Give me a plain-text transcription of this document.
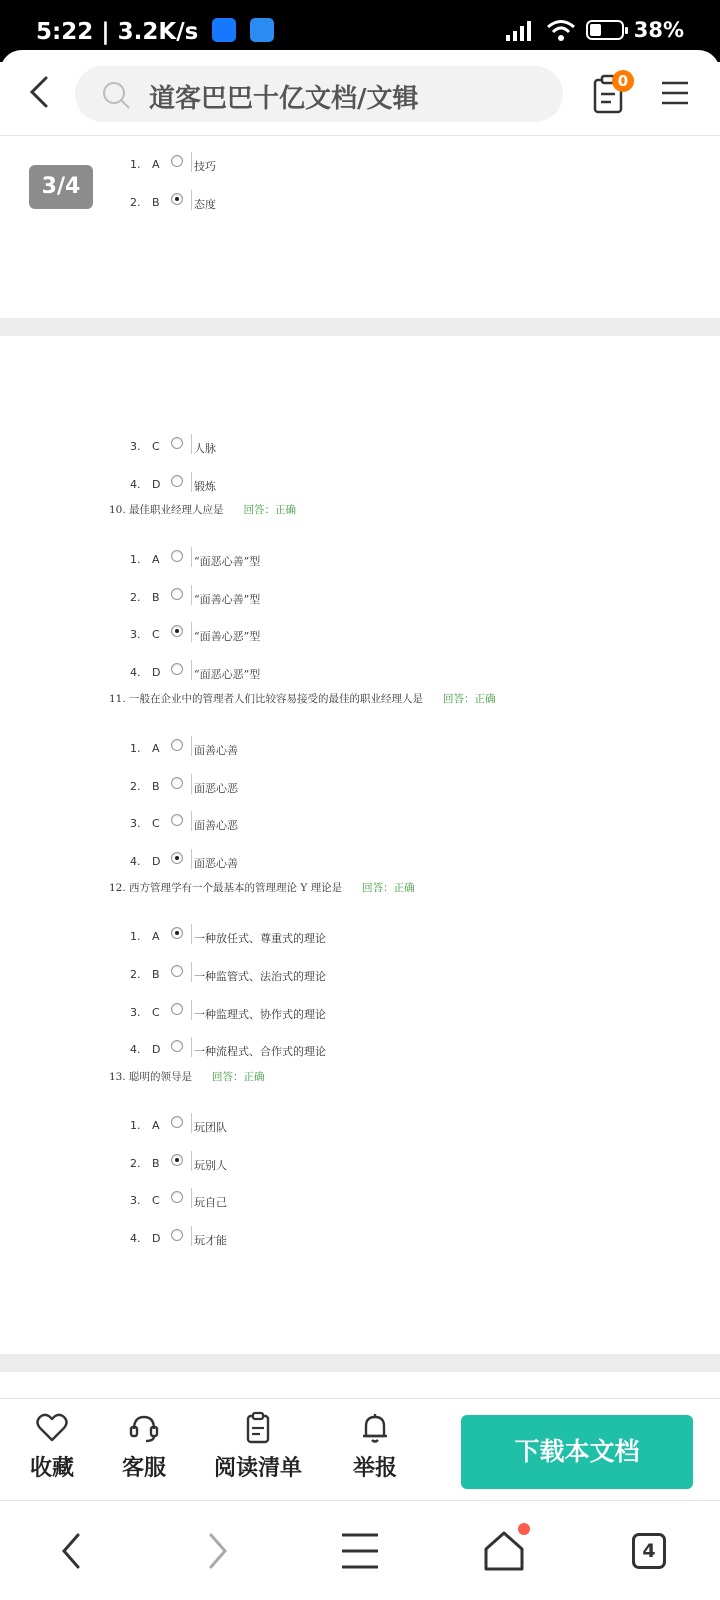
5:22 | 3.2K/s	38%
道客巴巴十亿文档/文辑
0
3/4
1. A	技巧
2. B	态度
3. C	人脉
4. D	锻炼
10. 最佳职业经理人应是 回答：正确
1. A	“面恶心善”型
2. B	“面善心善”型
3. C	“面善心恶”型
4. D	“面恶心恶”型
11. 一般在企业中的管理者人们比较容易接受的最佳的职业经理人是 回答：正确
1. A	面善心善
2. B	面恶心恶
3. C	面善心恶
4. D	面恶心善
12. 西方管理学有一个最基本的管理理论 Y 理论是 回答：正确
1. A	一种放任式、尊重式的理论
2. B	一种监管式、法治式的理论
3. C	一种监理式、协作式的理论
4. D	一种流程式、合作式的理论
13. 聪明的领导是 回答：正确
1. A	玩团队
2. B	玩别人
3. C	玩自己
4. D	玩才能
收藏	客服	阅读清单	举报
下载本文档
4
